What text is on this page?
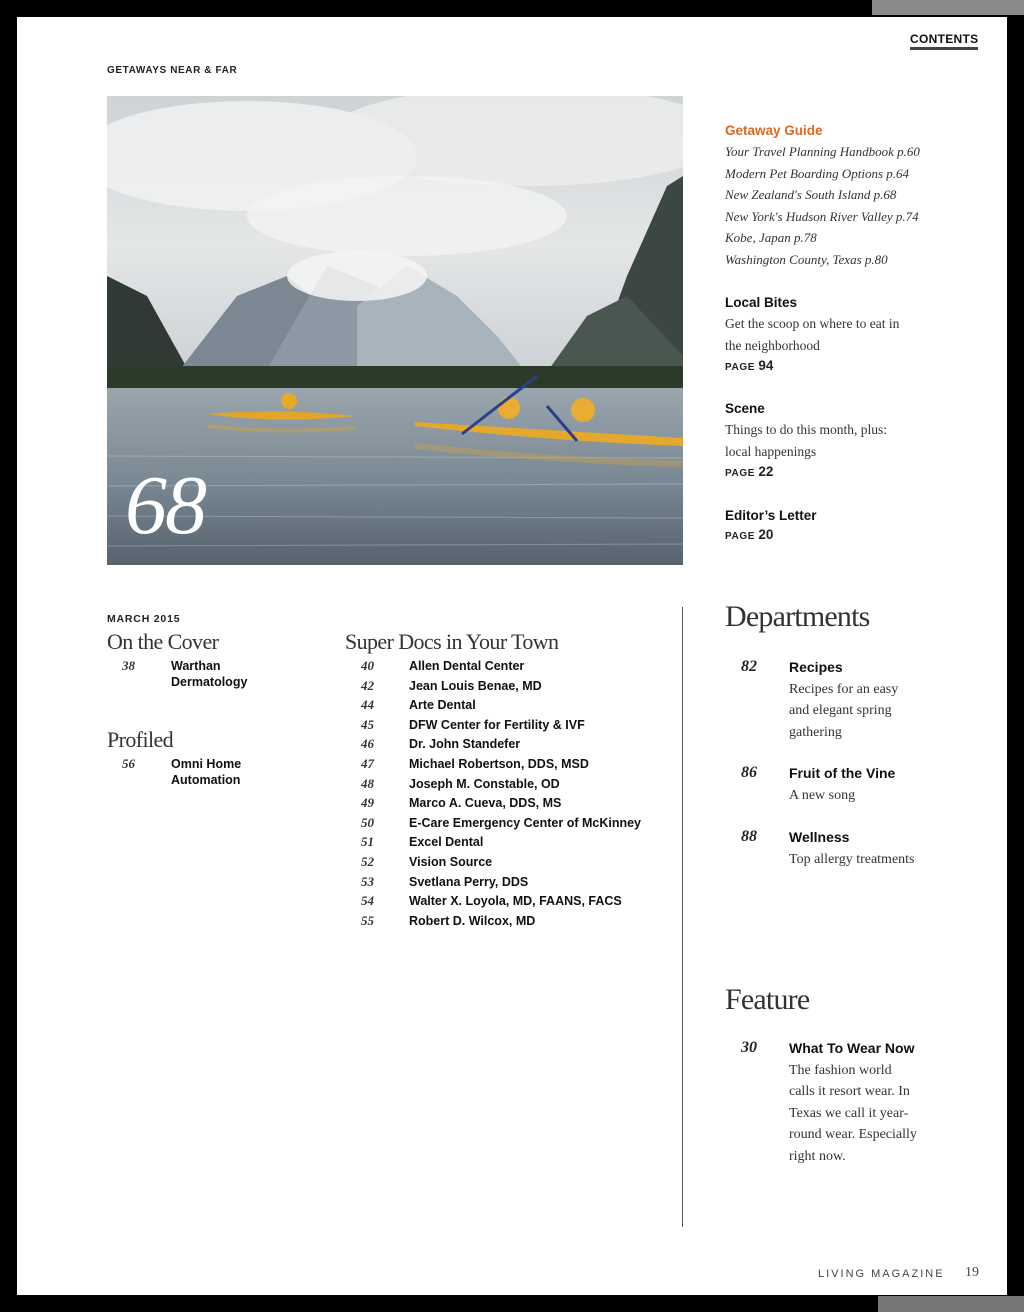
CONTENTS
GETAWAYS NEAR & FAR
68
Getaway Guide
Your Travel Planning Handbook p.60
Modern Pet Boarding Options p.64
New Zealand's South Island p.68
New York's Hudson River Valley p.74
Kobe, Japan p.78
Washington County, Texas p.80
Local Bites
Get the scoop on where to eat in
the neighborhood
PAGE 94
Scene
Things to do this month, plus:
local happenings
PAGE 22
Editor’s Letter
PAGE 20
MARCH 2015
On the Cover
38	Warthan
Dermatology
Profiled
56	Omni Home
Automation
Super Docs in Your Town
40	Allen Dental Center
42	Jean Louis Benae, MD
44	Arte Dental
45	DFW Center for Fertility & IVF
46	Dr. John Standefer
47	Michael Robertson, DDS, MSD
48	Joseph M. Constable, OD
49	Marco A. Cueva, DDS, MS
50	E-Care Emergency Center of McKinney
51	Excel Dental
52	Vision Source
53	Svetlana Perry, DDS
54	Walter X. Loyola, MD, FAANS, FACS
55	Robert D. Wilcox, MD
Departments
82 Recipes
Recipes for an easy
and elegant spring
gathering
86 Fruit of the Vine
A new song
88 Wellness
Top allergy treatments
Feature
30 What To Wear Now
The fashion world
calls it resort wear. In
Texas we call it year-
round wear. Especially
right now.
LIVING MAGAZINE 19
